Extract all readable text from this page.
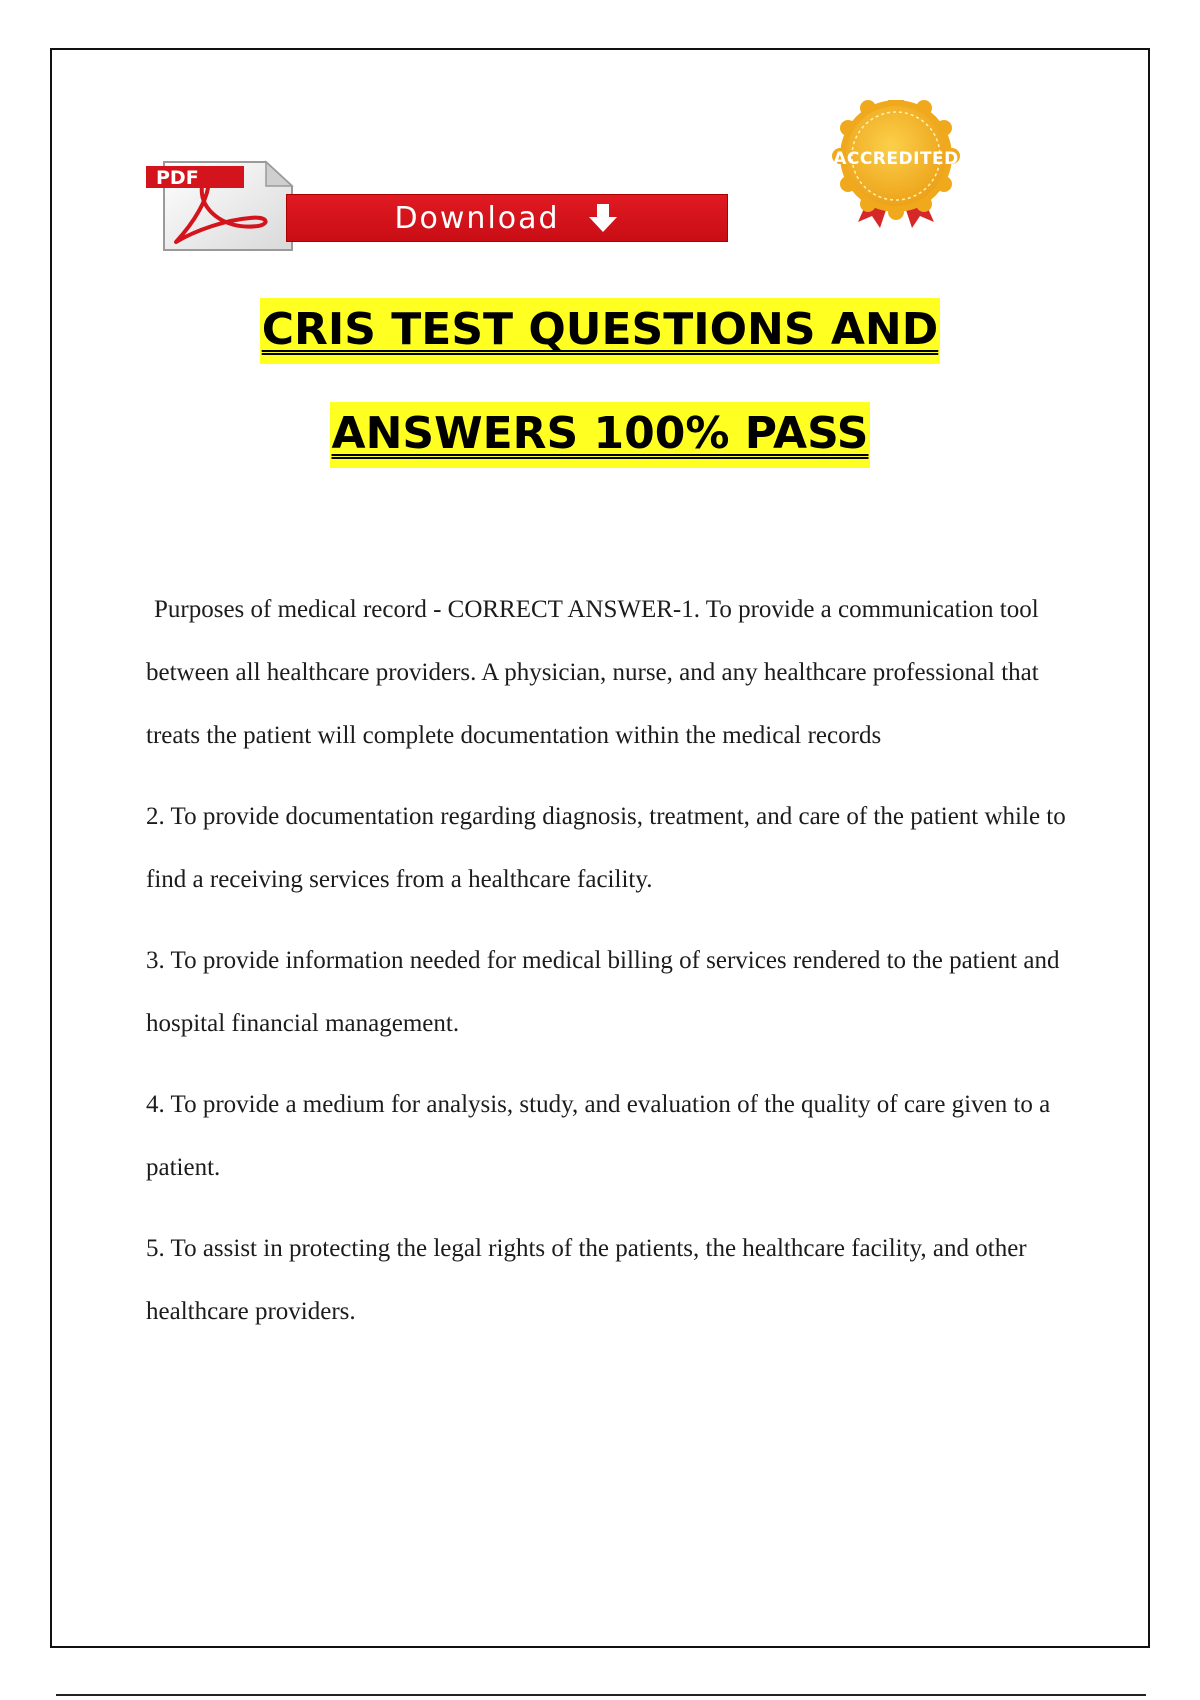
PDF
Download
ACCREDITED
CRIS TEST QUESTIONS AND
ANSWERS 100% PASS

Purposes of medical record - CORRECT ANSWER-1. To provide a communication tool between all healthcare providers. A physician, nurse, and any healthcare professional that treats the patient will complete documentation within the medical records

2. To provide documentation regarding diagnosis, treatment, and care of the patient while to find a receiving services from a healthcare facility.

3. To provide information needed for medical billing of services rendered to the patient and hospital financial management.

4. To provide a medium for analysis, study, and evaluation of the quality of care given to a patient.

5. To assist in protecting the legal rights of the patients, the healthcare facility, and other healthcare providers.
